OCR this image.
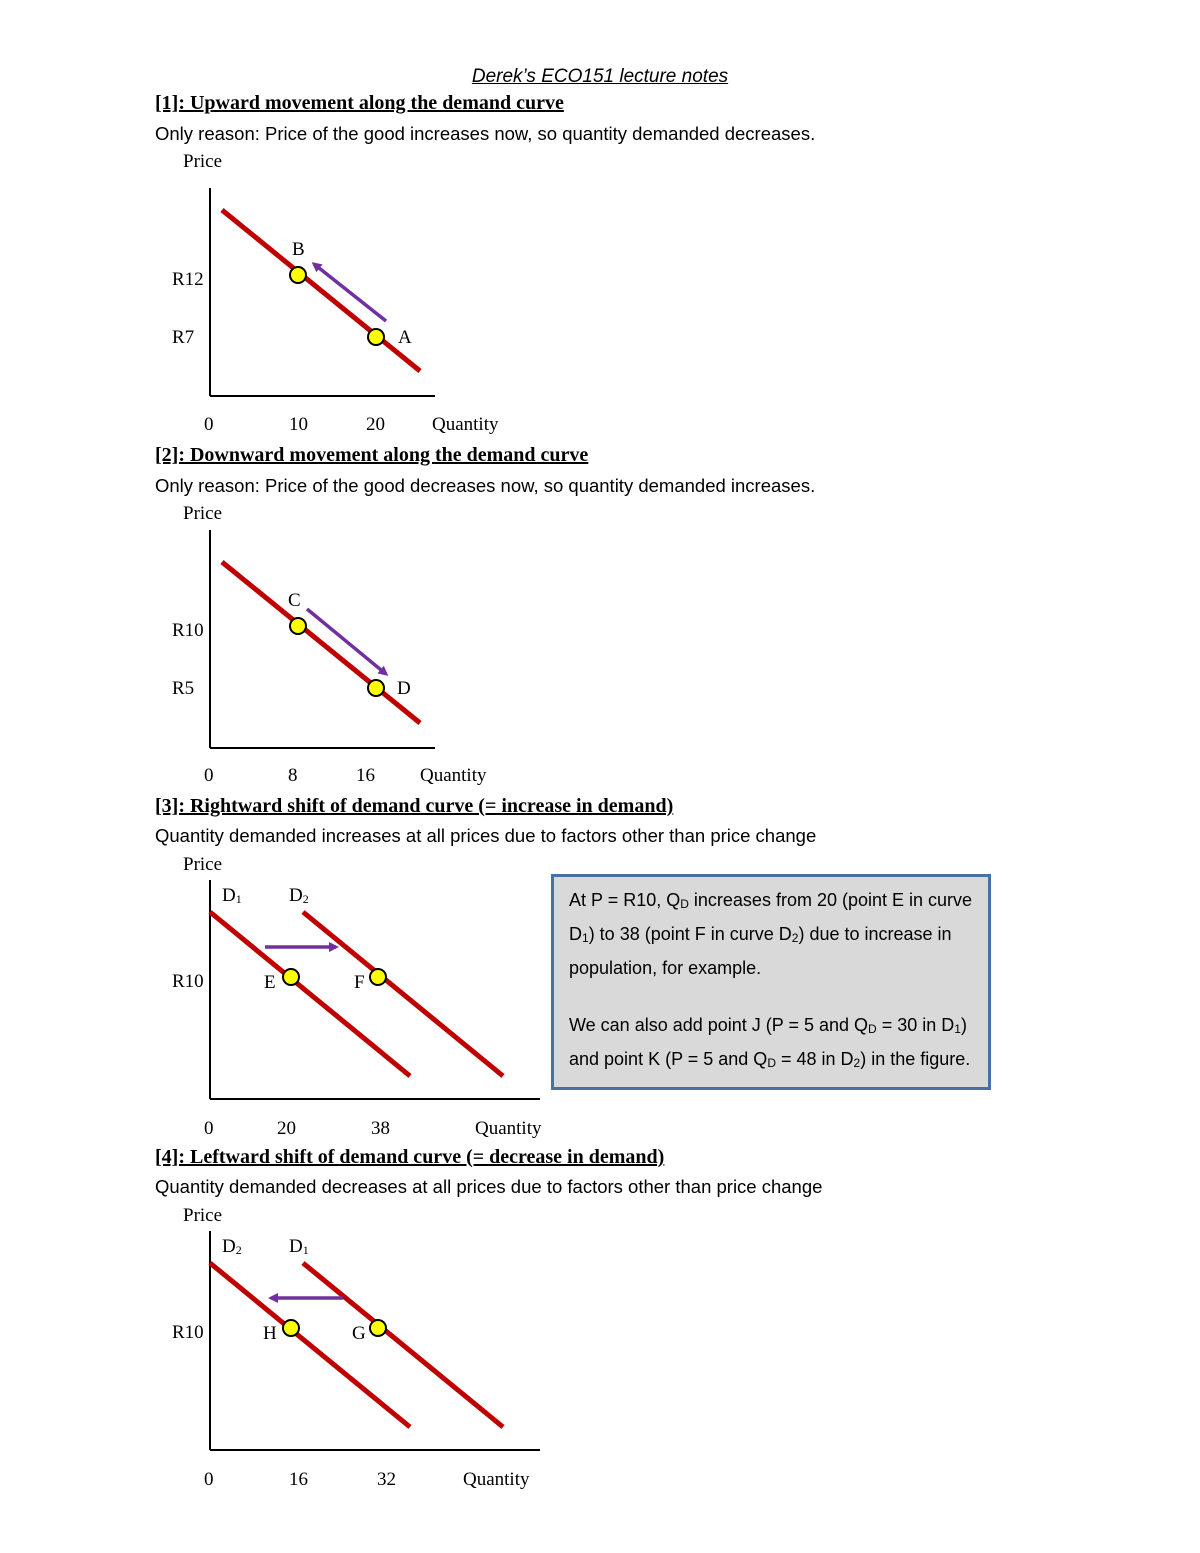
Derek’s ECO151 lecture notes
[1]: Upward movement along the demand curve
Only reason: Price of the good increases now, so quantity demanded decreases.
Price
R12
R7
B
A
0	10	20 Quantity
[2]: Downward movement along the demand curve
Only reason: Price of the good decreases now, so quantity demanded increases.
Price
R10
R5
C
D
0	8	16 Quantity
[3]: Rightward shift of demand curve (= increase in demand)
Quantity demanded increases at all prices due to factors other than price change
Price
$D_1$ $D_2$
R10	E	F
0	20	38	Quantity

At P = R10, $Q_D$ increases from 20 (point E in curve $D_1$) to 38 (point F in curve $D_2$) due to increase in population, for example.

We can also add point J (P = 5 and $Q_D = 30$ in $D_1$) and point K (P = 5 and $Q_D = 48$ in $D_2$) in the figure.

[4]: Leftward shift of demand curve (= decrease in demand)
Quantity demanded decreases at all prices due to factors other than price change
Price
$D_2$ $D_1$
R10	H	G
0	16	32	Quantity
